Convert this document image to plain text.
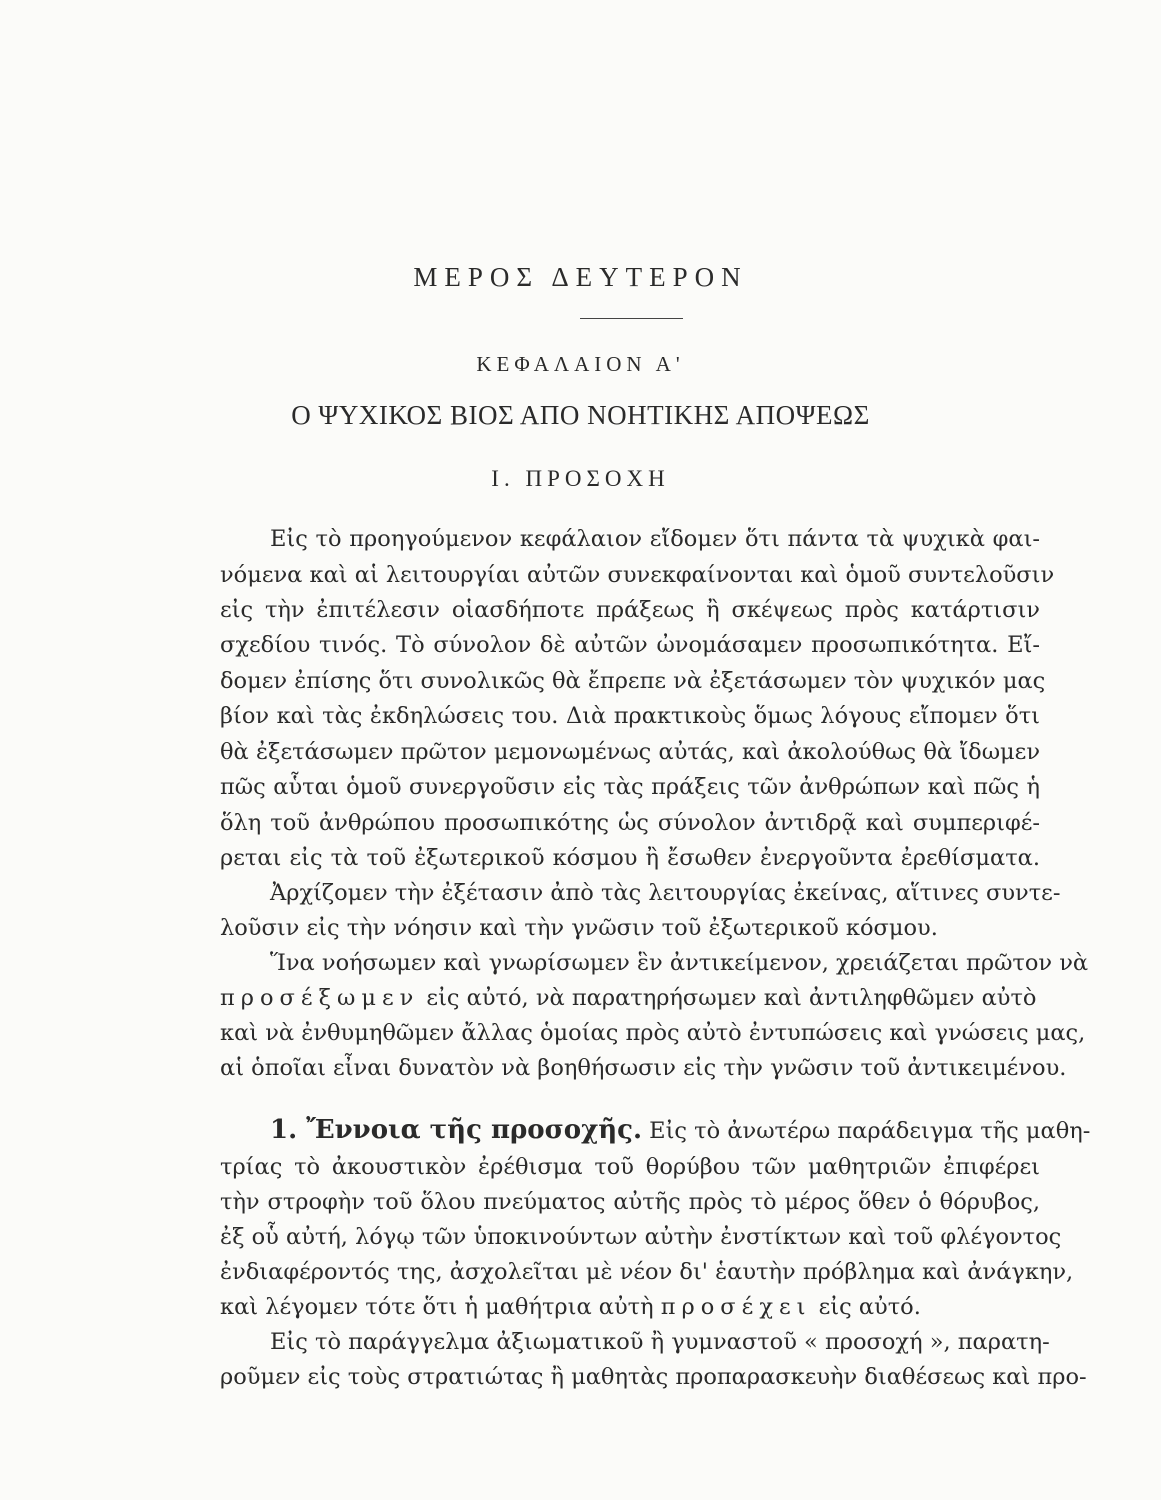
ΜΕΡΟΣ ΔΕΥΤΕΡΟΝ
ΚΕΦΑΛΑΙΟΝ Α'
Ο ΨΥΧΙΚΟΣ ΒΙΟΣ ΑΠΟ ΝΟΗΤΙΚΗΣ ΑΠΟΨΕΩΣ
Ι. ΠΡΟΣΟΧΗ
Εἰς τὸ προηγούμενον κεφάλαιον εἴδομεν ὅτι πάντα τὰ ψυχικὰ φαι-
νόμενα καὶ αἱ λειτουργίαι αὐτῶν συνεκφαίνονται καὶ ὁμοῦ συντελοῦσιν
εἰς τὴν ἐπιτέλεσιν οἱασδήποτε πράξεως ἢ σκέψεως πρὸς κατάρτισιν
σχεδίου τινός. Τὸ σύνολον δὲ αὐτῶν ὠνομάσαμεν προσωπικότητα. Εἴ-
δομεν ἐπίσης ὅτι συνολικῶς θὰ ἔπρεπε νὰ ἐξετάσωμεν τὸν ψυχικόν μας
βίον καὶ τὰς ἐκδηλώσεις του. Διὰ πρακτικοὺς ὅμως λόγους εἴπομεν ὅτι
θὰ ἐξετάσωμεν πρῶτον μεμονωμένως αὐτάς, καὶ ἀκολούθως θὰ ἴδωμεν
πῶς αὗται ὁμοῦ συνεργοῦσιν εἰς τὰς πράξεις τῶν ἀνθρώπων καὶ πῶς ἡ
ὅλη τοῦ ἀνθρώπου προσωπικότης ὡς σύνολον ἀντιδρᾷ καὶ συμπεριφέ-
ρεται εἰς τὰ τοῦ ἐξωτερικοῦ κόσμου ἢ ἔσωθεν ἐνεργοῦντα ἐρεθίσματα.
Ἀρχίζομεν τὴν ἐξέτασιν ἀπὸ τὰς λειτουργίας ἐκείνας, αἵτινες συντε-
λοῦσιν εἰς τὴν νόησιν καὶ τὴν γνῶσιν τοῦ ἐξωτερικοῦ κόσμου.
Ἵνα νοήσωμεν καὶ γνωρίσωμεν ἓν ἀντικείμενον, χρειάζεται πρῶτον νὰ
προσέξωμεν εἰς αὐτό, νὰ παρατηρήσωμεν καὶ ἀντιληφθῶμεν αὐτὸ
καὶ νὰ ἐνθυμηθῶμεν ἄλλας ὁμοίας πρὸς αὐτὸ ἐντυπώσεις καὶ γνώσεις μας,
αἱ ὁποῖαι εἶναι δυνατὸν νὰ βοηθήσωσιν εἰς τὴν γνῶσιν τοῦ ἀντικειμένου.
1. Ἔννοια τῆς προσοχῆς. Εἰς τὸ ἀνωτέρω παράδειγμα τῆς μαθη-
τρίας τὸ ἀκουστικὸν ἐρέθισμα τοῦ θορύβου τῶν μαθητριῶν ἐπιφέρει
τὴν στροφὴν τοῦ ὅλου πνεύματος αὐτῆς πρὸς τὸ μέρος ὅθεν ὁ θόρυβος,
ἐξ οὗ αὐτή, λόγῳ τῶν ὑποκινούντων αὐτὴν ἐνστίκτων καὶ τοῦ φλέγοντος
ἐνδιαφέροντός της, ἀσχολεῖται μὲ νέον δι' ἑαυτὴν πρόβλημα καὶ ἀνάγκην,
καὶ λέγομεν τότε ὅτι ἡ μαθήτρια αὐτὴ προσέχει εἰς αὐτό.
Εἰς τὸ παράγγελμα ἀξιωματικοῦ ἢ γυμναστοῦ « προσοχή », παρατη-
ροῦμεν εἰς τοὺς στρατιώτας ἢ μαθητὰς προπαρασκευὴν διαθέσεως καὶ προ-
